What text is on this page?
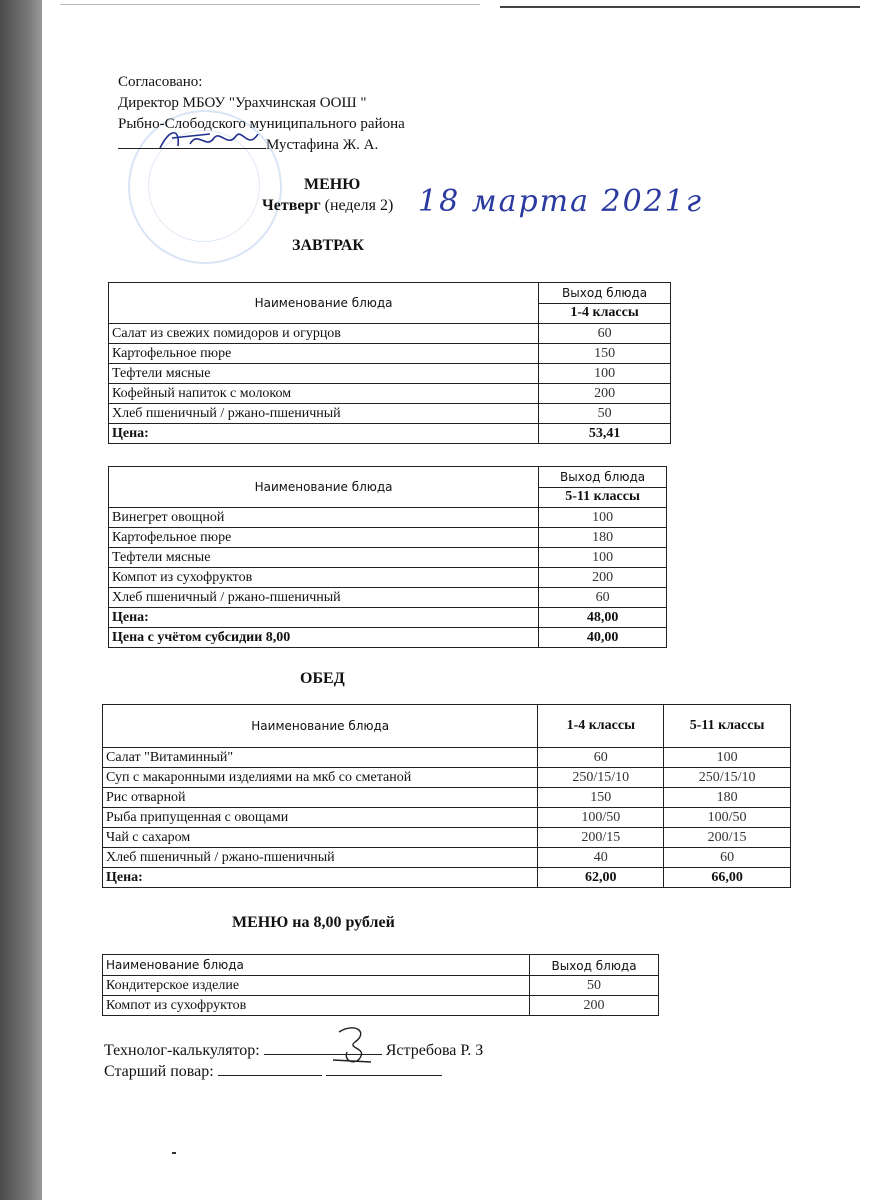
Согласовано:
Директор МБОУ "Урахчинская ООШ "
Рыбно-Слободского муниципального района
Мустафина Ж. А.
МЕНЮ
Четверг (неделя 2) 18 марта 2021г
ЗАВТРАК
Наименование блюда	Выход блюда
	1-4 классы
Салат из свежих помидоров и огурцов	60
Картофельное пюре	150
Тефтели мясные	100
Кофейный напиток с молоком	200
Хлеб пшеничный / ржано-пшеничный	50
Цена:	53,41
Наименование блюда	Выход блюда
	5-11 классы
Винегрет овощной	100
Картофельное пюре	180
Тефтели мясные	100
Компот из сухофруктов	200
Хлеб пшеничный / ржано-пшеничный	60
Цена:	48,00
Цена с учётом субсидии 8,00	40,00
ОБЕД
Наименование блюда	1-4 классы	5-11 классы
Салат "Витаминный"	60	100
Суп с макаронными изделиями на мкб со сметаной	250/15/10	250/15/10
Рис отварной	150	180
Рыба припущенная с овощами	100/50	100/50
Чай с сахаром	200/15	200/15
Хлеб пшеничный / ржано-пшеничный	40	60
Цена:	62,00	66,00
МЕНЮ на 8,00 рублей
Наименование блюда	Выход блюда
Кондитерское изделие	50
Компот из сухофруктов	200
Технолог-калькулятор:	Ястребова Р. З
Старший повар:
